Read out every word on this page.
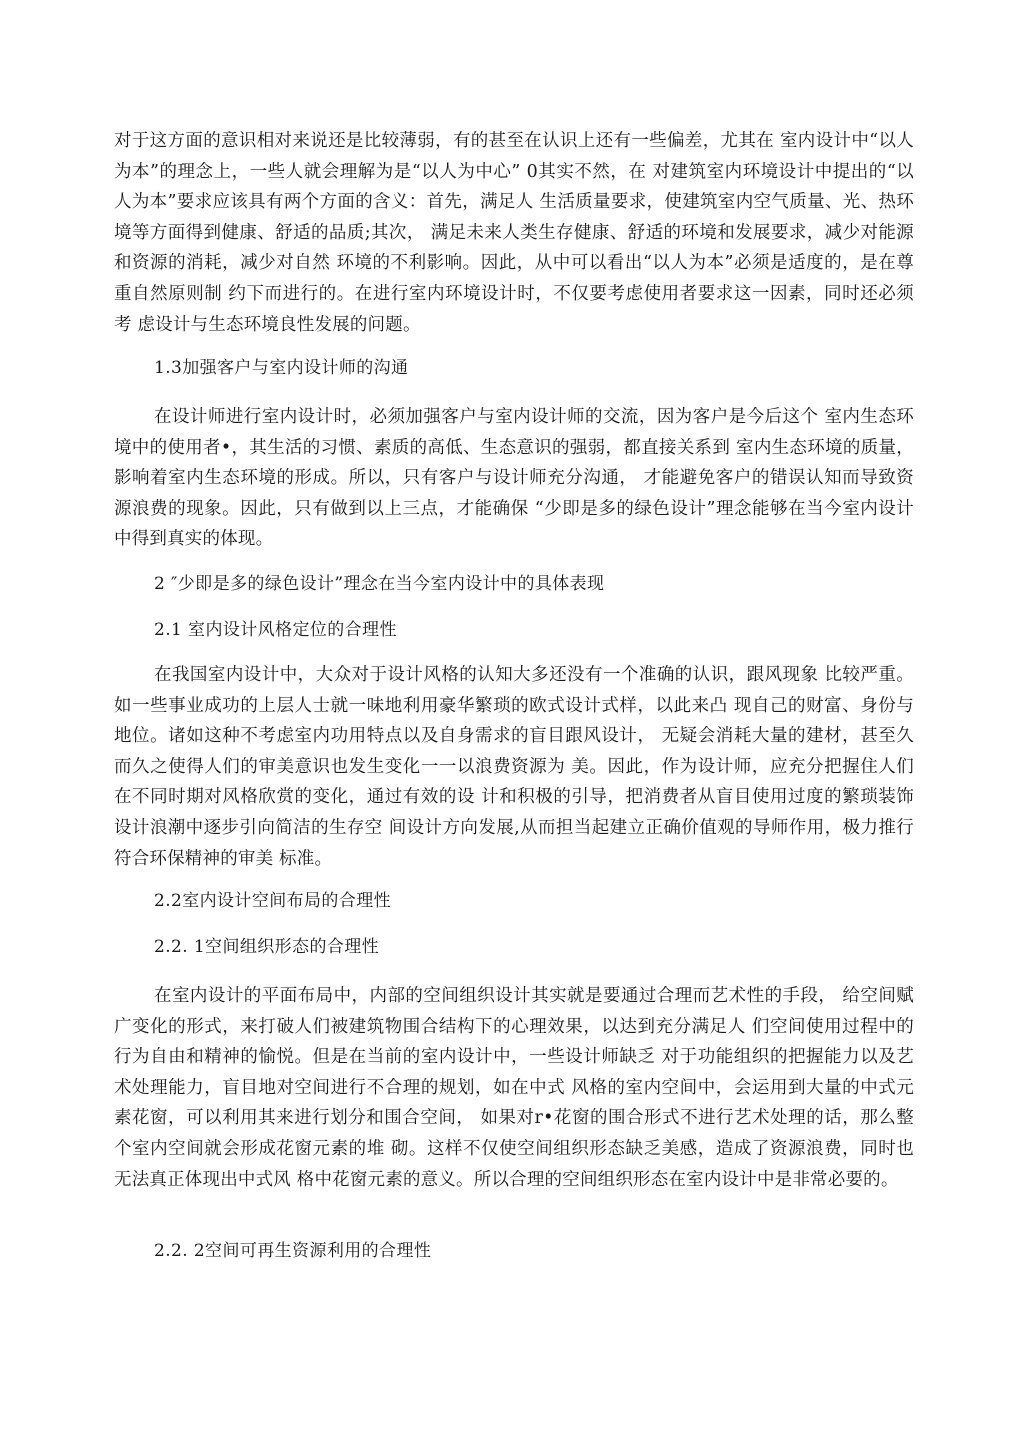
对于这方面的意识相对来说还是比较薄弱，有的甚至在认识上还有一些偏差，尤其在 室内设计中“以人为本”的理念上，一些人就会理解为是“以人为中心” 0其实不然，在 对建筑室内环境设计中提出的“以人为本”要求应该具有两个方面的含义：首先，满足人 生活质量要求，使建筑室内空气质量、光、热环境等方面得到健康、舒适的品质;其次， 满足未来人类生存健康、舒适的环境和发展要求，减少对能源和资源的消耗，减少对自然 环境的不利影响。因此，从中可以看出“以人为本”必须是适度的，是在尊重自然原则制 约下而进行的。在进行室内环境设计时，不仅要考虑使用者要求这一因素，同时还必须考 虑设计与生态环境良性发展的问题。

1.3加强客户与室内设计师的沟通

在设计师进行室内设计时，必须加强客户与室内设计师的交流，因为客户是今后这个 室内生态环境中的使用者•，其生活的习惯、素质的高低、生态意识的强弱，都直接关系到 室内生态环境的质量，影响着室内生态环境的形成。所以，只有客户与设计师充分沟通， 才能避免客户的错误认知而导致资源浪费的现象。因此，只有做到以上三点，才能确保 “少即是多的绿色设计”理念能够在当今室内设计中得到真实的体现。

2 ″少即是多的绿色设计”理念在当今室内设计中的具体表现

2.1 室内设计风格定位的合理性

在我国室内设计中，大众对于设计风格的认知大多还没有一个准确的认识，跟风现象 比较严重。如一些事业成功的上层人士就一味地利用豪华繁琐的欧式设计式样，以此来凸 现自己的财富、身份与地位。诸如这种不考虑室内功用特点以及自身需求的盲目跟风设计， 无疑会消耗大量的建材，甚至久而久之使得人们的审美意识也发生变化一一以浪费资源为 美。因此，作为设计师，应充分把握住人们在不同时期对风格欣赏的变化，通过有效的设 计和积极的引导，把消费者从盲目使用过度的繁琐装饰设计浪潮中逐步引向简洁的生存空 间设计方向发展,从而担当起建立正确价值观的导师作用，极力推行符合环保精神的审美 标准。

2.2室内设计空间布局的合理性

2.2. 1空间组织形态的合理性

在室内设计的平面布局中，内部的空间组织设计其实就是要通过合理而艺术性的手段， 给空间赋广变化的形式，来打破人们被建筑物围合结构下的心理效果，以达到充分满足人 们空间使用过程中的行为自由和精神的愉悦。但是在当前的室内设计中，一些设计师缺乏 对于功能组织的把握能力以及艺术处理能力，盲目地对空间进行不合理的规划，如在中式 风格的室内空间中，会运用到大量的中式元素花窗，可以利用其来进行划分和围合空间， 如果对r•花窗的围合形式不进行艺术处理的话，那么整个室内空间就会形成花窗元素的堆 砌。这样不仅使空间组织形态缺乏美感，造成了资源浪费，同时也无法真正体现出中式风 格中花窗元素的意义。所以合理的空间组织形态在室内设计中是非常必要的。

2.2. 2空间可再生资源利用的合理性
